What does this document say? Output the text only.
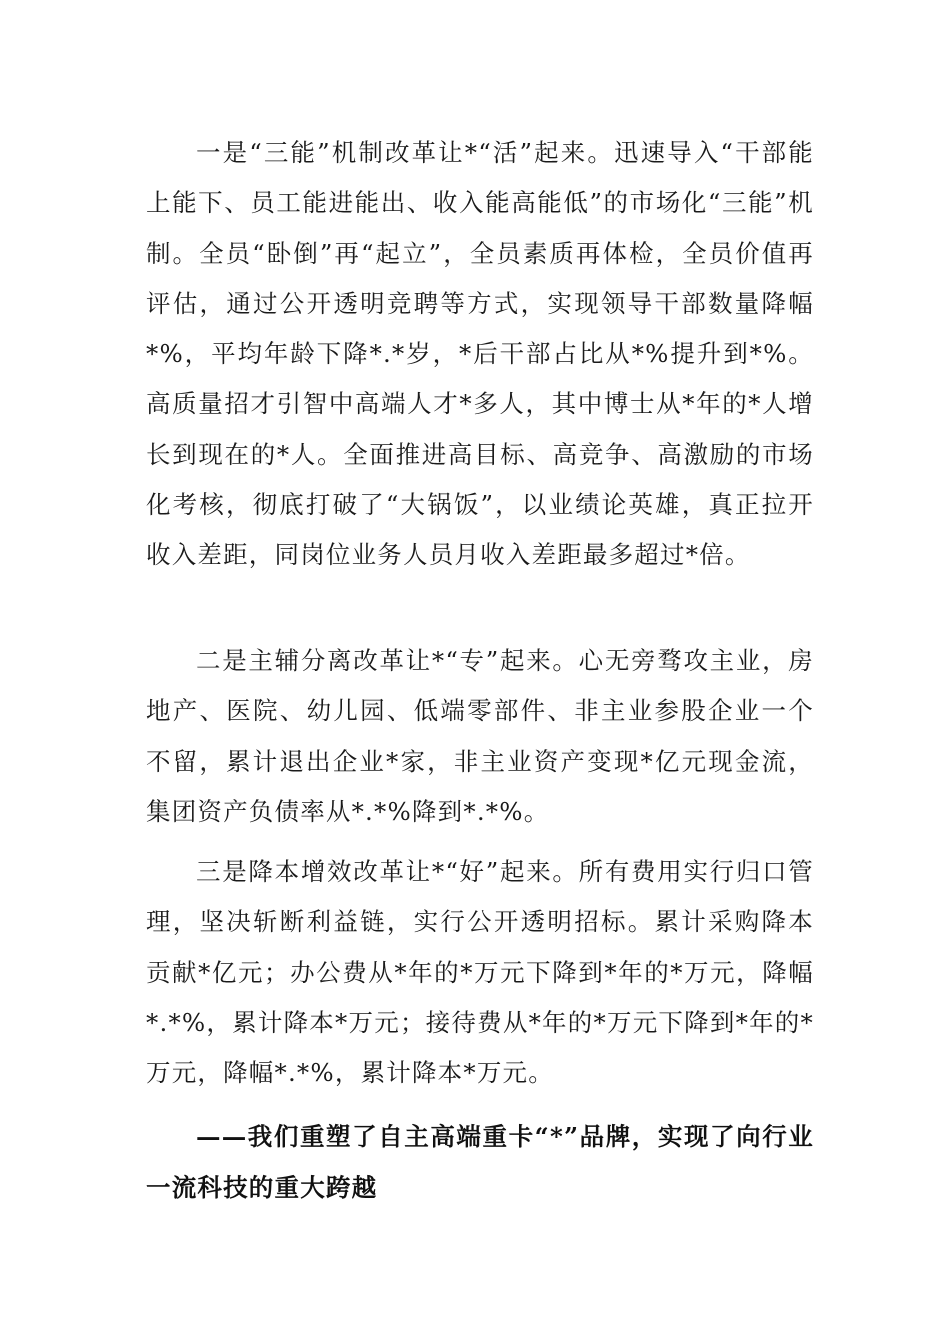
一是“三能”机制改革让*“活”起来。迅速导入“干部能上能下、员工能进能出、收入能高能低”的市场化“三能”机制。全员“卧倒”再“起立”，全员素质再体检，全员价值再评估，通过公开透明竞聘等方式，实现领导干部数量降幅*%，平均年龄下降*.*岁，*后干部占比从*%提升到*%。高质量招才引智中高端人才*多人，其中博士从*年的*人增长到现在的*人。全面推进高目标、高竞争、高激励的市场化考核，彻底打破了“大锅饭”，以业绩论英雄，真正拉开收入差距，同岗位业务人员月收入差距最多超过*倍。

二是主辅分离改革让*“专”起来。心无旁骛攻主业，房地产、医院、幼儿园、低端零部件、非主业参股企业一个不留，累计退出企业*家，非主业资产变现*亿元现金流，集团资产负债率从*.*%降到*.*%。

三是降本增效改革让*“好”起来。所有费用实行归口管理，坚决斩断利益链，实行公开透明招标。累计采购降本贡献*亿元；办公费从*年的*万元下降到*年的*万元，降幅*.*%，累计降本*万元；接待费从*年的*万元下降到*年的*万元，降幅*.*%，累计降本*万元。

——我们重塑了自主高端重卡“*”品牌，实现了向行业一流科技的重大跨越
